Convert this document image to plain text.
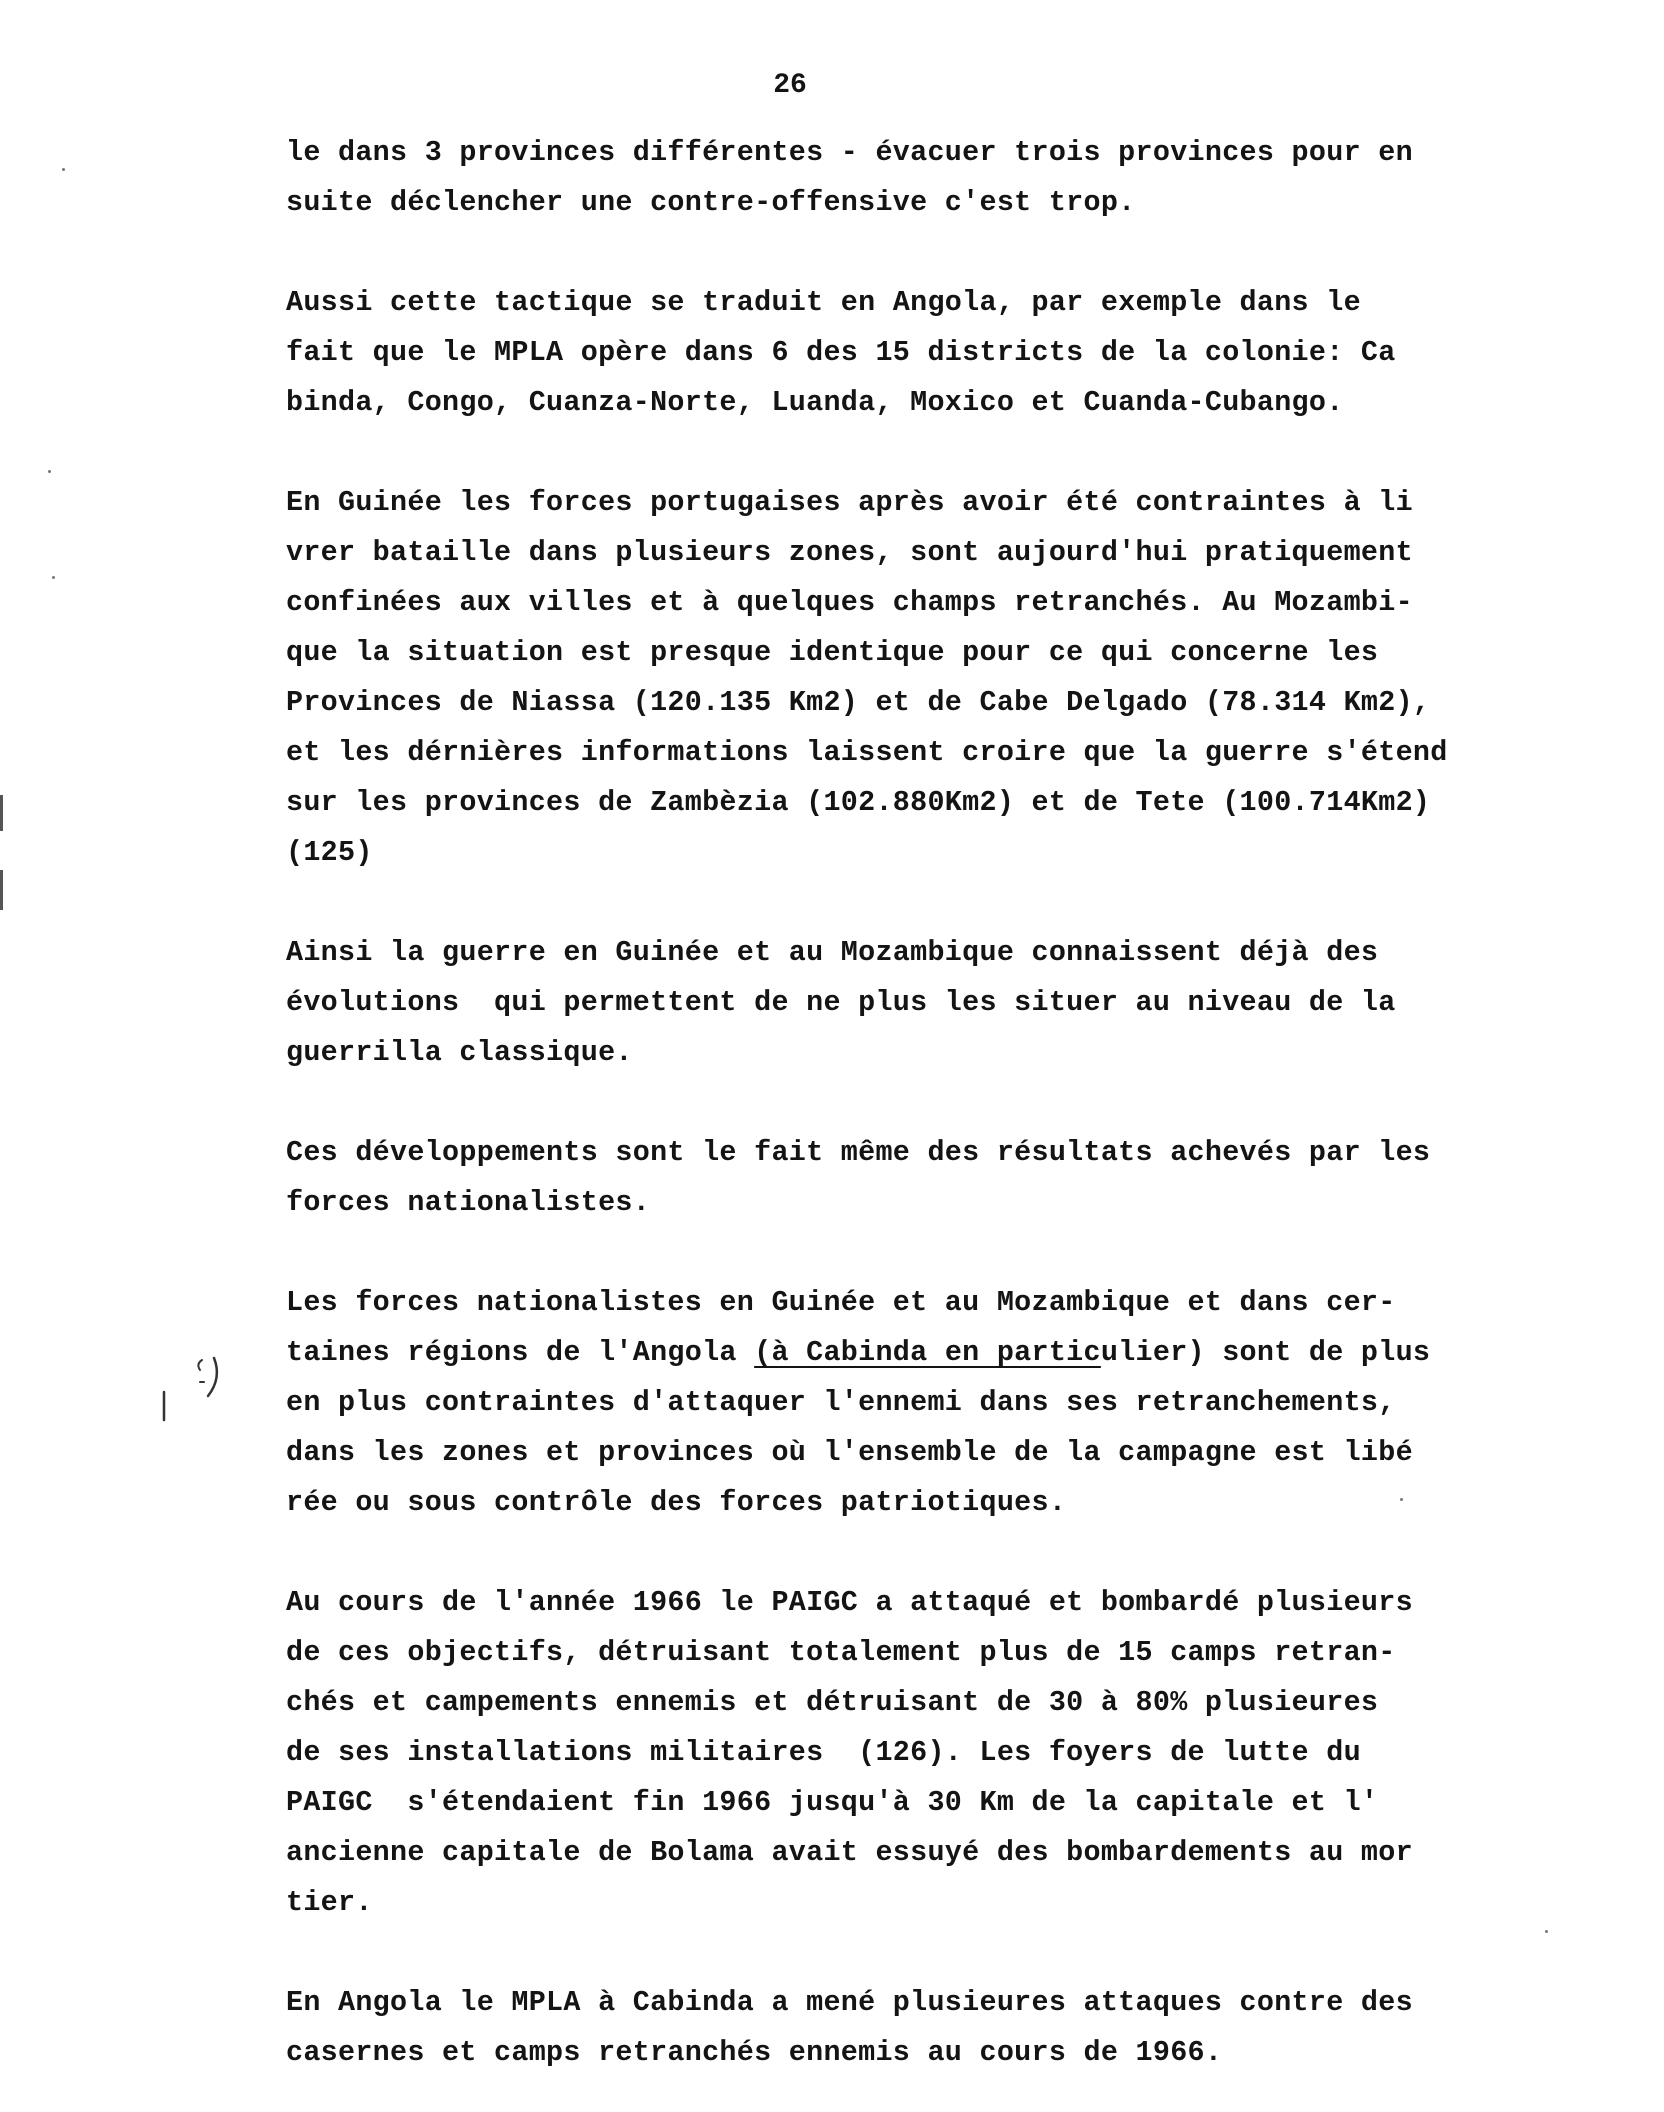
26
le dans 3 provinces différentes - évacuer trois provinces pour en
suite déclencher une contre-offensive c'est trop.
Aussi cette tactique se traduit en Angola, par exemple dans le
fait que le MPLA opère dans 6 des 15 districts de la colonie: Ca
binda, Congo, Cuanza-Norte, Luanda, Moxico et Cuanda-Cubango.
En Guinée les forces portugaises après avoir été contraintes à li
vrer bataille dans plusieurs zones, sont aujourd'hui pratiquement
confinées aux villes et à quelques champs retranchés. Au Mozambi-
que la situation est presque identique pour ce qui concerne les
Provinces de Niassa (120.135 Km2) et de Cabe Delgado (78.314 Km2),
et les dérnières informations laissent croire que la guerre s'étend
sur les provinces de Zambèzia (102.880Km2) et de Tete (100.714Km2)
(125)
Ainsi la guerre en Guinée et au Mozambique connaissent déjà des
évolutions  qui permettent de ne plus les situer au niveau de la
guerrilla classique.
Ces développements sont le fait même des résultats achevés par les
forces nationalistes.
Les forces nationalistes en Guinée et au Mozambique et dans cer-
taines régions de l'Angola (à Cabinda en particulier) sont de plus
en plus contraintes d'attaquer l'ennemi dans ses retranchements,
dans les zones et provinces où l'ensemble de la campagne est libé
rée ou sous contrôle des forces patriotiques.
Au cours de l'année 1966 le PAIGC a attaqué et bombardé plusieurs
de ces objectifs, détruisant totalement plus de 15 camps retran-
chés et campements ennemis et détruisant de 30 à 80% plusieures
de ses installations militaires  (126). Les foyers de lutte du
PAIGC  s'étendaient fin 1966 jusqu'à 30 Km de la capitale et l'
ancienne capitale de Bolama avait essuyé des bombardements au mor
tier.
En Angola le MPLA à Cabinda a mené plusieures attaques contre des
casernes et camps retranchés ennemis au cours de 1966.
